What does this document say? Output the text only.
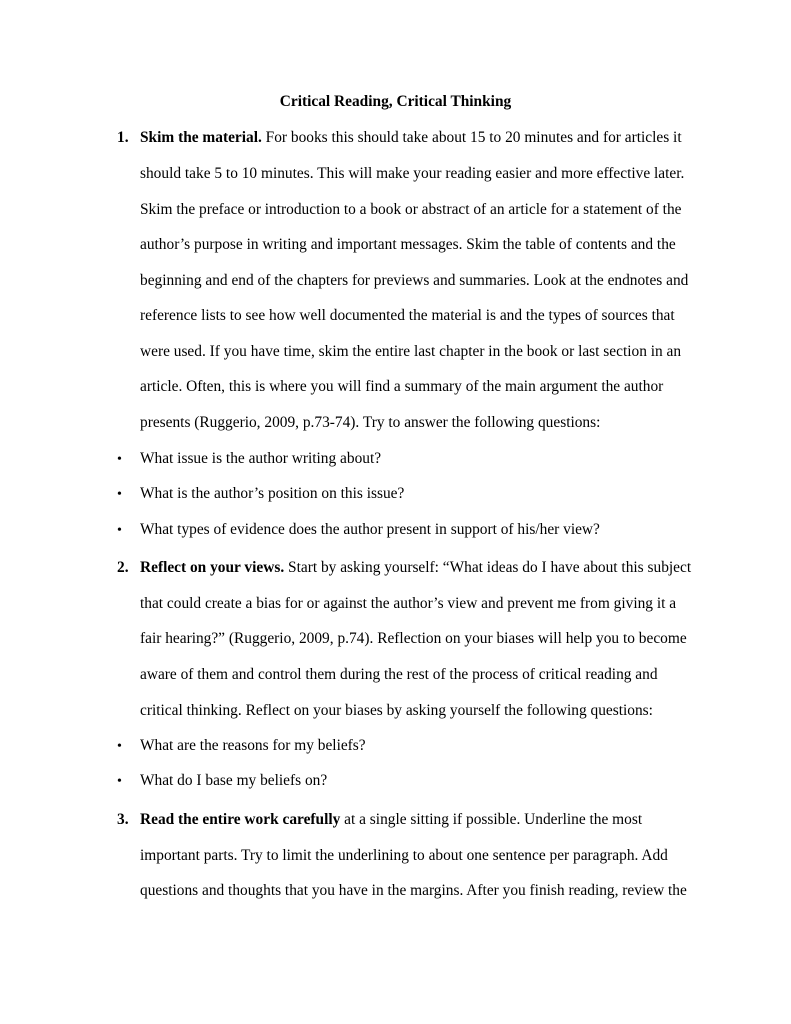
Critical Reading, Critical Thinking
1. Skim the material. For books this should take about 15 to 20 minutes and for articles it
should take 5 to 10 minutes. This will make your reading easier and more effective later.
Skim the preface or introduction to a book or abstract of an article for a statement of the
author’s purpose in writing and important messages. Skim the table of contents and the
beginning and end of the chapters for previews and summaries. Look at the endnotes and
reference lists to see how well documented the material is and the types of sources that
were used. If you have time, skim the entire last chapter in the book or last section in an
article. Often, this is where you will find a summary of the main argument the author
presents (Ruggerio, 2009, p.73-74). Try to answer the following questions:
• What issue is the author writing about?
• What is the author’s position on this issue?
• What types of evidence does the author present in support of his/her view?
2. Reflect on your views. Start by asking yourself: “What ideas do I have about this subject
that could create a bias for or against the author’s view and prevent me from giving it a
fair hearing?” (Ruggerio, 2009, p.74). Reflection on your biases will help you to become
aware of them and control them during the rest of the process of critical reading and
critical thinking. Reflect on your biases by asking yourself the following questions:
• What are the reasons for my beliefs?
• What do I base my beliefs on?
3. Read the entire work carefully at a single sitting if possible. Underline the most
important parts. Try to limit the underlining to about one sentence per paragraph. Add
questions and thoughts that you have in the margins. After you finish reading, review the
